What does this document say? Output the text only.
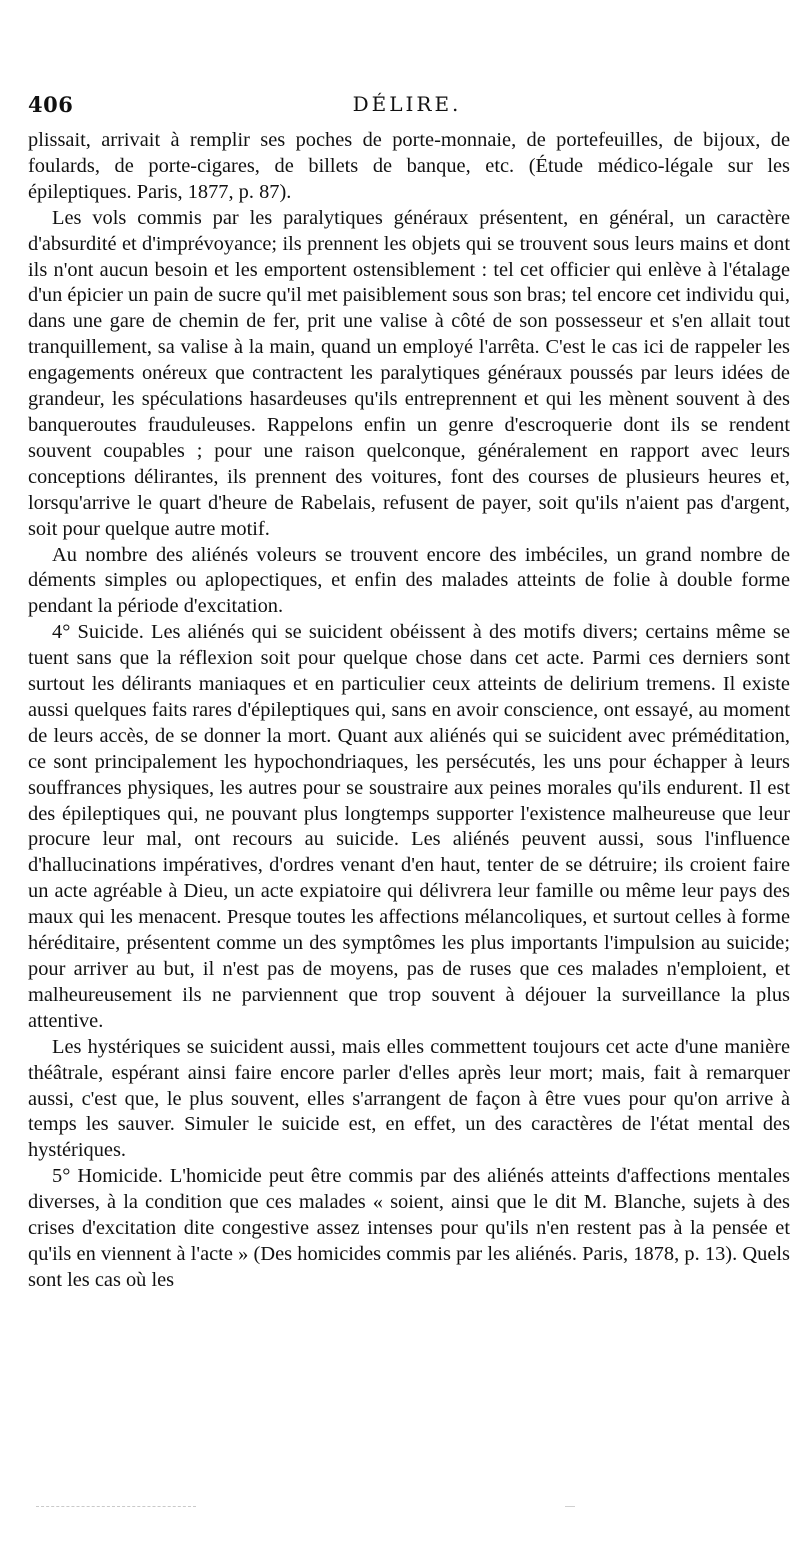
406	DÉLIRE.

plissait, arrivait à remplir ses poches de porte-monnaie, de portefeuilles, de bijoux, de foulards, de porte-cigares, de billets de banque, etc. (Étude médico-légale sur les épileptiques. Paris, 1877, p. 87).

Les vols commis par les paralytiques généraux présentent, en général, un caractère d'absurdité et d'imprévoyance; ils prennent les objets qui se trouvent sous leurs mains et dont ils n'ont aucun besoin et les emportent ostensiblement : tel cet officier qui enlève à l'étalage d'un épicier un pain de sucre qu'il met paisiblement sous son bras; tel encore cet individu qui, dans une gare de chemin de fer, prit une valise à côté de son possesseur et s'en allait tout tranquillement, sa valise à la main, quand un employé l'arrêta. C'est le cas ici de rappeler les engagements onéreux que contractent les paralytiques généraux poussés par leurs idées de grandeur, les spéculations hasardeuses qu'ils entreprennent et qui les mènent souvent à des banqueroutes frauduleuses. Rappelons enfin un genre d'escroquerie dont ils se rendent souvent coupables ; pour une raison quelconque, généralement en rapport avec leurs conceptions délirantes, ils prennent des voitures, font des courses de plusieurs heures et, lorsqu'arrive le quart d'heure de Rabelais, refusent de payer, soit qu'ils n'aient pas d'argent, soit pour quelque autre motif.

Au nombre des aliénés voleurs se trouvent encore des imbéciles, un grand nombre de déments simples ou aplopectiques, et enfin des malades atteints de folie à double forme pendant la période d'excitation.

4° Suicide. Les aliénés qui se suicident obéissent à des motifs divers; certains même se tuent sans que la réflexion soit pour quelque chose dans cet acte. Parmi ces derniers sont surtout les délirants maniaques et en particulier ceux atteints de delirium tremens. Il existe aussi quelques faits rares d'épileptiques qui, sans en avoir conscience, ont essayé, au moment de leurs accès, de se donner la mort. Quant aux aliénés qui se suicident avec préméditation, ce sont principalement les hypochondriaques, les persécutés, les uns pour échapper à leurs souffrances physiques, les autres pour se soustraire aux peines morales qu'ils endurent. Il est des épileptiques qui, ne pouvant plus longtemps supporter l'existence malheureuse que leur procure leur mal, ont recours au suicide. Les aliénés peuvent aussi, sous l'influence d'hallucinations impératives, d'ordres venant d'en haut, tenter de se détruire; ils croient faire un acte agréable à Dieu, un acte expiatoire qui délivrera leur famille ou même leur pays des maux qui les menacent. Presque toutes les affections mélancoliques, et surtout celles à forme héréditaire, présentent comme un des symptômes les plus importants l'impulsion au suicide; pour arriver au but, il n'est pas de moyens, pas de ruses que ces malades n'emploient, et malheureusement ils ne parviennent que trop souvent à déjouer la surveillance la plus attentive.

Les hystériques se suicident aussi, mais elles commettent toujours cet acte d'une manière théâtrale, espérant ainsi faire encore parler d'elles après leur mort; mais, fait à remarquer aussi, c'est que, le plus souvent, elles s'arrangent de façon à être vues pour qu'on arrive à temps les sauver. Simuler le suicide est, en effet, un des caractères de l'état mental des hystériques.

5° Homicide. L'homicide peut être commis par des aliénés atteints d'affections mentales diverses, à la condition que ces malades « soient, ainsi que le dit M. Blanche, sujets à des crises d'excitation dite congestive assez intenses pour qu'ils n'en restent pas à la pensée et qu'ils en viennent à l'acte » (Des homicides commis par les aliénés. Paris, 1878, p. 13). Quels sont les cas où les
